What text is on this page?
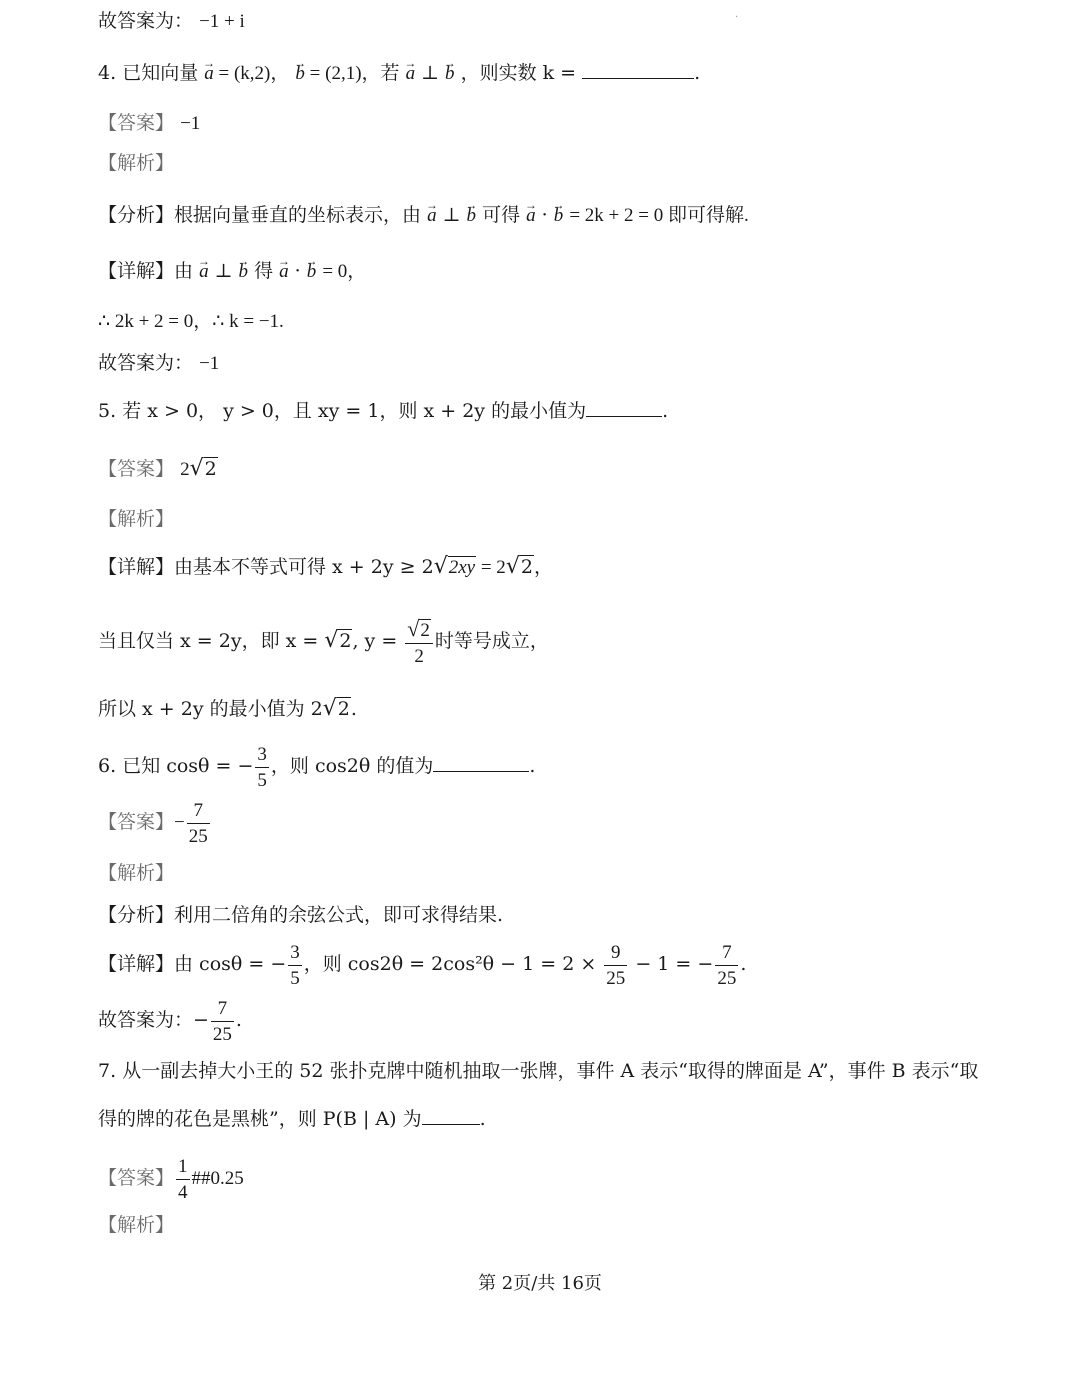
·
故答案为： −1 + i
4. 已知向量 → a = (k,2)， → b = (2,1)，若 → a ⊥ → b ，则实数 k =	.
【答案】 −1
【解析】
【分析】根据向量垂直的坐标表示，由 → a ⊥ → b 可得 → a · → b = 2k + 2 = 0 即可得解.
【详解】由 → a ⊥ → b 得 → a · → b = 0，
∴ 2k + 2 = 0，∴ k = −1.
故答案为： −1
5. 若 x > 0， y > 0，且 xy = 1，则 x + 2y 的最小值为	.
【答案】 2√2
【解析】
【详解】由基本不等式可得 x + 2y ≥ 2√2xy = 2√2，
当且仅当 x = 2y，即 x = √2, $y = \frac{√2}{2}$ 时等号成立，
所以 x + 2y 的最小值为 2√2.
6. 已知 cosθ = − $\frac{3}{5}$ ，则 cos2θ 的值为	.
【答案】− $\frac{7}{25}$
【解析】
【分析】利用二倍角的余弦公式，即可求得结果.
【详解】由 cosθ = − $\frac{3}{5}$ ，则 $\cos 2\theta = 2\cos^2\theta - 1 = 2 \times \frac{9}{25} - 1$ = − $\frac{7}{25}$ .
故答案为：− $\frac{7}{25}$ .
7. 从一副去掉大小王的 52 张扑克牌中随机抽取一张牌，事件 A 表示“取得的牌面是 A”，事件 B 表示“取
得的牌的花色是黑桃”，则 P(B | A) 为	.
【答案】 $\frac{1}{4}$ ##0.25
【解析】
第 2页/共 16页
